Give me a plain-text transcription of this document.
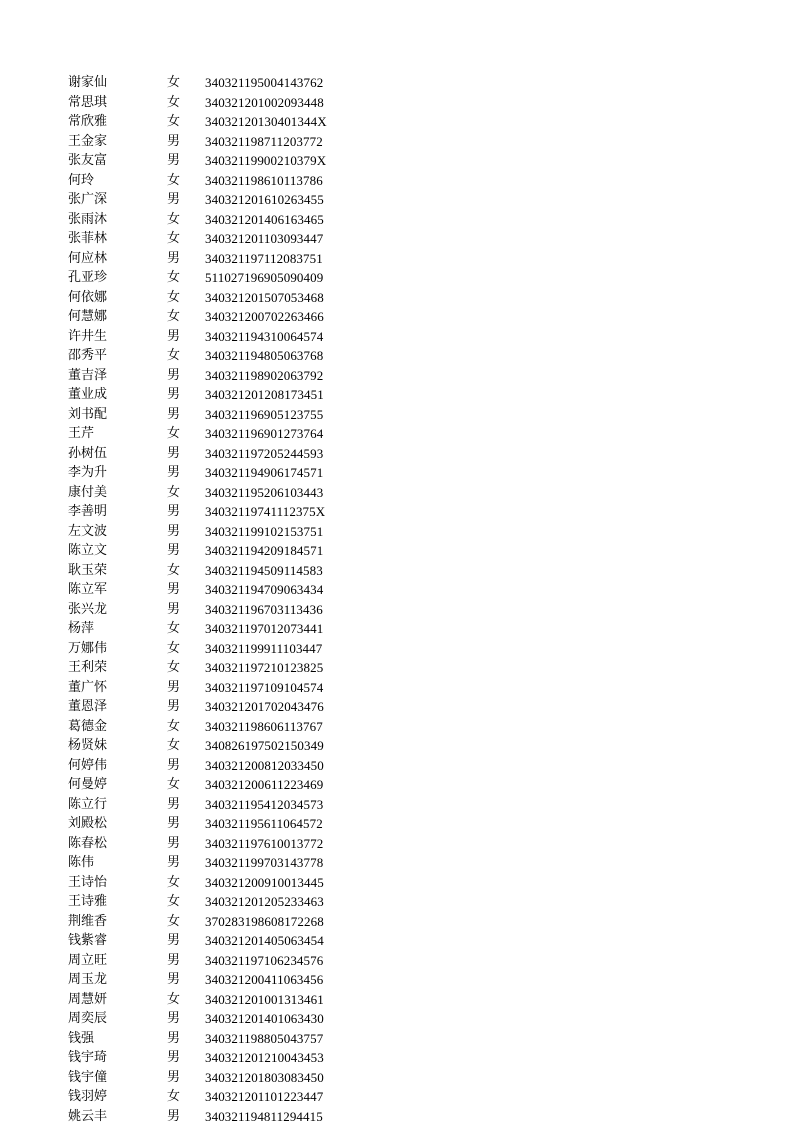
谢家仙	女	340321195004143762
常思琪	女	340321201002093448
常欣雅	女	34032120130401344X
王金家	男	340321198711203772
张友富	男	34032119900210379X
何玲	女	340321198610113786
张广深	男	340321201610263455
张雨沐	女	340321201406163465
张菲林	女	340321201103093447
何应林	男	340321197112083751
孔亚珍	女	511027196905090409
何依娜	女	340321201507053468
何慧娜	女	340321200702263466
许井生	男	340321194310064574
邵秀平	女	340321194805063768
董吉泽	男	340321198902063792
董业成	男	340321201208173451
刘书配	男	340321196905123755
王芹	女	340321196901273764
孙树伍	男	340321197205244593
李为升	男	340321194906174571
康付美	女	340321195206103443
李善明	男	34032119741112375X
左文波	男	340321199102153751
陈立文	男	340321194209184571
耿玉荣	女	340321194509114583
陈立军	男	340321194709063434
张兴龙	男	340321196703113436
杨萍	女	340321197012073441
万娜伟	女	340321199911103447
王利荣	女	340321197210123825
董广怀	男	340321197109104574
董恩泽	男	340321201702043476
葛德金	女	340321198606113767
杨贤妹	女	340826197502150349
何婷伟	男	340321200812033450
何曼婷	女	340321200611223469
陈立行	男	340321195412034573
刘殿松	男	340321195611064572
陈春松	男	340321197610013772
陈伟	男	340321199703143778
王诗怡	女	340321200910013445
王诗雅	女	340321201205233463
荆维香	女	370283198608172268
钱紫睿	男	340321201405063454
周立旺	男	340321197106234576
周玉龙	男	340321200411063456
周慧妍	女	340321201001313461
周奕辰	男	340321201401063430
钱强	男	340321198805043757
钱宇琦	男	340321201210043453
钱宇僮	男	340321201803083450
钱羽婷	女	340321201101223447
姚云丰	男	340321194811294415
